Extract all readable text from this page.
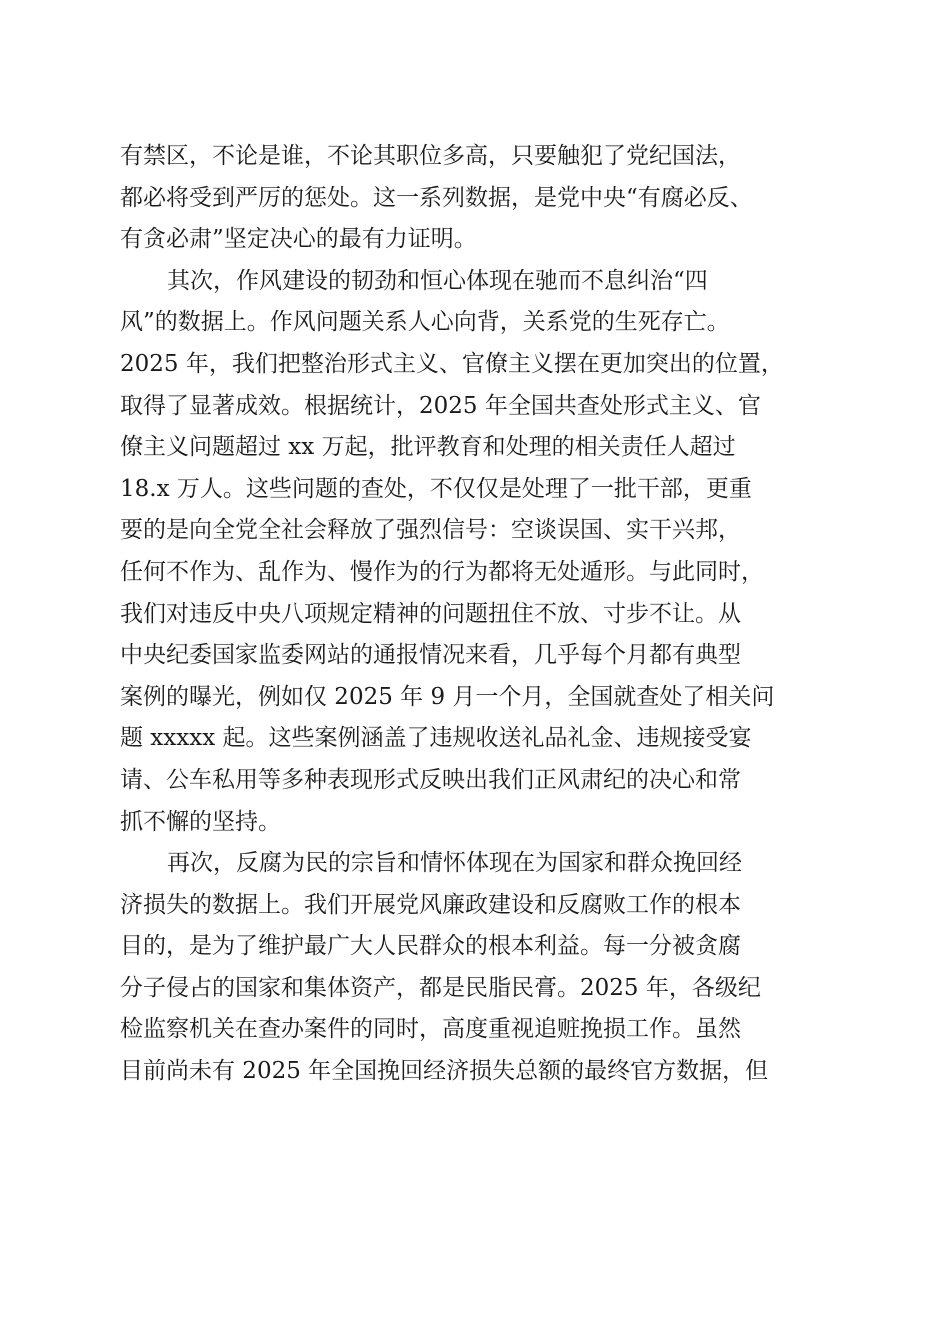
有禁区，不论是谁，不论其职位多高，只要触犯了党纪国法，
都必将受到严厉的惩处。这一系列数据，是党中央“有腐必反、
有贪必肃”坚定决心的最有力证明。
其次，作风建设的韧劲和恒心体现在驰而不息纠治“四
风”的数据上。作风问题关系人心向背，关系党的生死存亡。
2025 年，我们把整治形式主义、官僚主义摆在更加突出的位置，
取得了显著成效。根据统计，2025 年全国共查处形式主义、官
僚主义问题超过 xx 万起，批评教育和处理的相关责任人超过
18.x 万人。这些问题的查处，不仅仅是处理了一批干部，更重
要的是向全党全社会释放了强烈信号：空谈误国、实干兴邦，
任何不作为、乱作为、慢作为的行为都将无处遁形。与此同时，
我们对违反中央八项规定精神的问题扭住不放、寸步不让。从
中央纪委国家监委网站的通报情况来看，几乎每个月都有典型
案例的曝光，例如仅 2025 年 9 月一个月，全国就查处了相关问
题 xxxxx 起。这些案例涵盖了违规收送礼品礼金、违规接受宴
请、公车私用等多种表现形式反映出我们正风肃纪的决心和常
抓不懈的坚持。
再次，反腐为民的宗旨和情怀体现在为国家和群众挽回经
济损失的数据上。我们开展党风廉政建设和反腐败工作的根本
目的，是为了维护最广大人民群众的根本利益。每一分被贪腐
分子侵占的国家和集体资产，都是民脂民膏。2025 年，各级纪
检监察机关在查办案件的同时，高度重视追赃挽损工作。虽然
目前尚未有 2025 年全国挽回经济损失总额的最终官方数据，但
